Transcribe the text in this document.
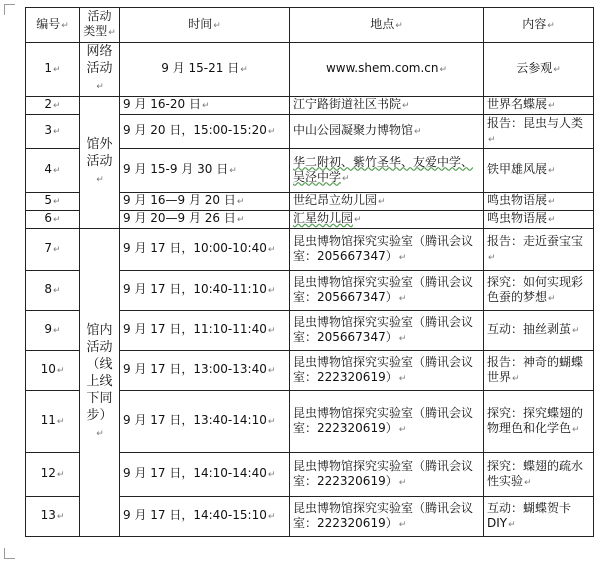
编号↵	活动类型↵	时间↵	地点↵	内容↵
1↵	网络活动↵	9 月 15-21 日↵	www.shem.com.cn↵	云参观↵
2↵	馆外活动↵	9 月 16-20 日↵	江宁路街道社区书院↵	世界名蝶展↵
3↵		9 月 20 日，15:00-15:20↵	中山公园凝聚力博物馆↵	报告：昆虫与人类↵
4↵		9 月 15-9 月 30 日↵	华二附初、紫竹圣华、友爱中学、吴泾中学↵	铁甲雄风展↵
5↵		9 月 16—9 月 20 日↵	世纪昂立幼儿园↵	鸣虫物语展↵
6↵		9 月 20—9 月 26 日↵	汇星幼儿园↵	鸣虫物语展↵
7↵	馆内活动（线上线下同步）↵	9 月 17 日，10:00-10:40↵	昆虫博物馆探究实验室（腾讯会议室：205667347）↵	报告：走近蚕宝宝↵
8↵		9 月 17 日，10:40-11:10↵	昆虫博物馆探究实验室（腾讯会议室：205667347）↵	探究：如何实现彩色蚕的梦想↵
9↵		9 月 17 日，11:10-11:40↵	昆虫博物馆探究实验室（腾讯会议室：205667347）↵	互动：抽丝剥茧↵
10↵		9 月 17 日，13:00-13:40↵	昆虫博物馆探究实验室（腾讯会议室：222320619）↵	报告：神奇的蝴蝶世界↵
11↵		9 月 17 日，13:40-14:10↵	昆虫博物馆探究实验室（腾讯会议室：222320619）↵	探究：探究蝶翅的物理色和化学色↵
12↵		9 月 17 日，14:10-14:40↵	昆虫博物馆探究实验室（腾讯会议室：222320619）↵	探究：蝶翅的疏水性实验↵
13↵		9 月 17 日，14:40-15:10↵	昆虫博物馆探究实验室（腾讯会议室：222320619）↵	互动：蝴蝶贺卡DIY↵
